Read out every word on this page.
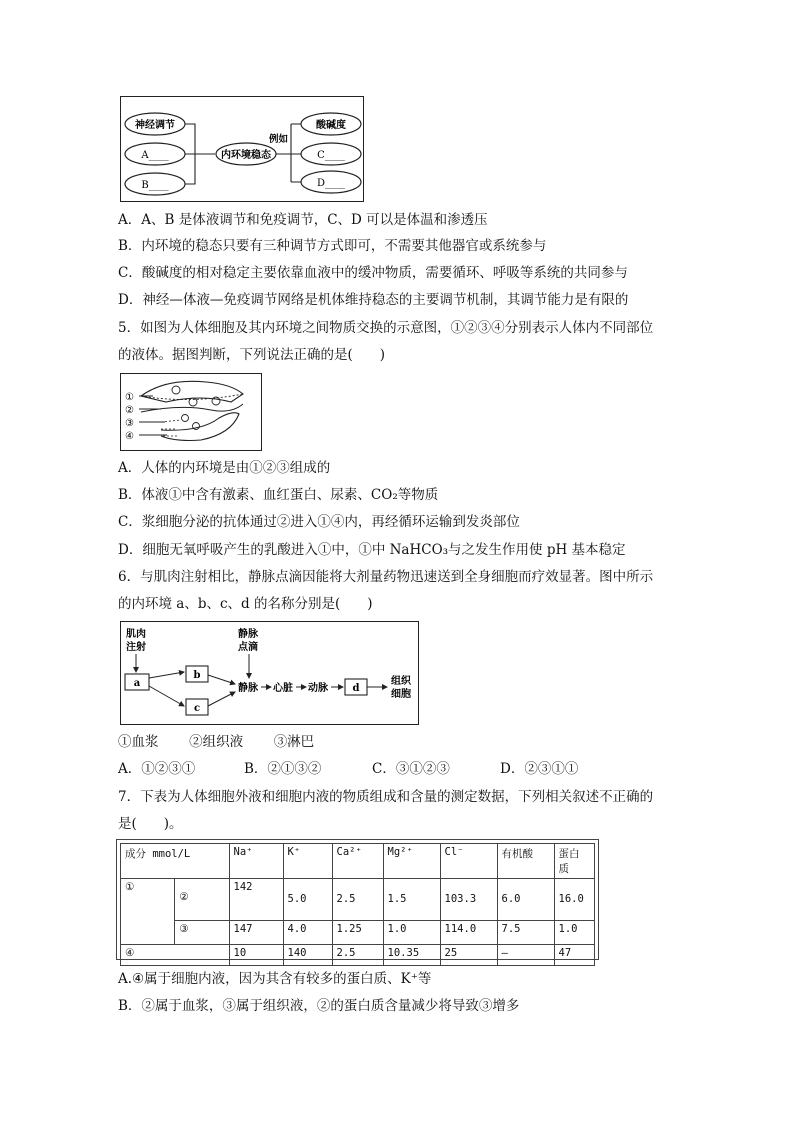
神经调节
A____
B____
内环境稳态
例如
酸碱度
C____
D____
A．A、B 是体液调节和免疫调节，C、D 可以是体温和渗透压
B．内环境的稳态只要有三种调节方式即可，不需要其他器官或系统参与
C．酸碱度的相对稳定主要依靠血液中的缓冲物质，需要循环、呼吸等系统的共同参与
D．神经—体液—免疫调节网络是机体维持稳态的主要调节机制，其调节能力是有限的
5．如图为人体细胞及其内环境之间物质交换的示意图，①②③④分别表示人体内不同部位
的液体。据图判断，下列说法正确的是(　　)
①
②
③
④
A．人体的内环境是由①②③组成的
B．体液①中含有激素、血红蛋白、尿素、CO₂等物质
C．浆细胞分泌的抗体通过②进入①④内，再经循环运输到发炎部位
D．细胞无氧呼吸产生的乳酸进入①中，①中 NaHCO₃与之发生作用使 pH 基本稳定
6．与肌肉注射相比，静脉点滴因能将大剂量药物迅速送到全身细胞而疗效显著。图中所示
的内环境 a、b、c、d 的名称分别是(　　)
肌肉
注射
静脉
点滴
a
b
c
d
静脉 心脏 动脉
组织
细胞
①血浆 ②组织液 ③淋巴
A．①②③①	B．②①③②	C．③①②③	D．②③①①
7．下表为人体细胞外液和细胞内液的物质组成和含量的测定数据，下列相关叙述不正确的
是(　　)。
成分 mmol/L		Na⁺	K⁺	Ca²⁺	Mg²⁺	Cl⁻	有机酸	蛋白质
①	②	142	5.0	2.5	1.5	103.3	6.0	16.0
	③	147	4.0	1.25	1.0	114.0	7.5	1.0
④		10	140	2.5	10.35	25	—	47
A.④属于细胞内液，因为其含有较多的蛋白质、K⁺等
B．②属于血浆，③属于组织液，②的蛋白质含量减少将导致③增多
